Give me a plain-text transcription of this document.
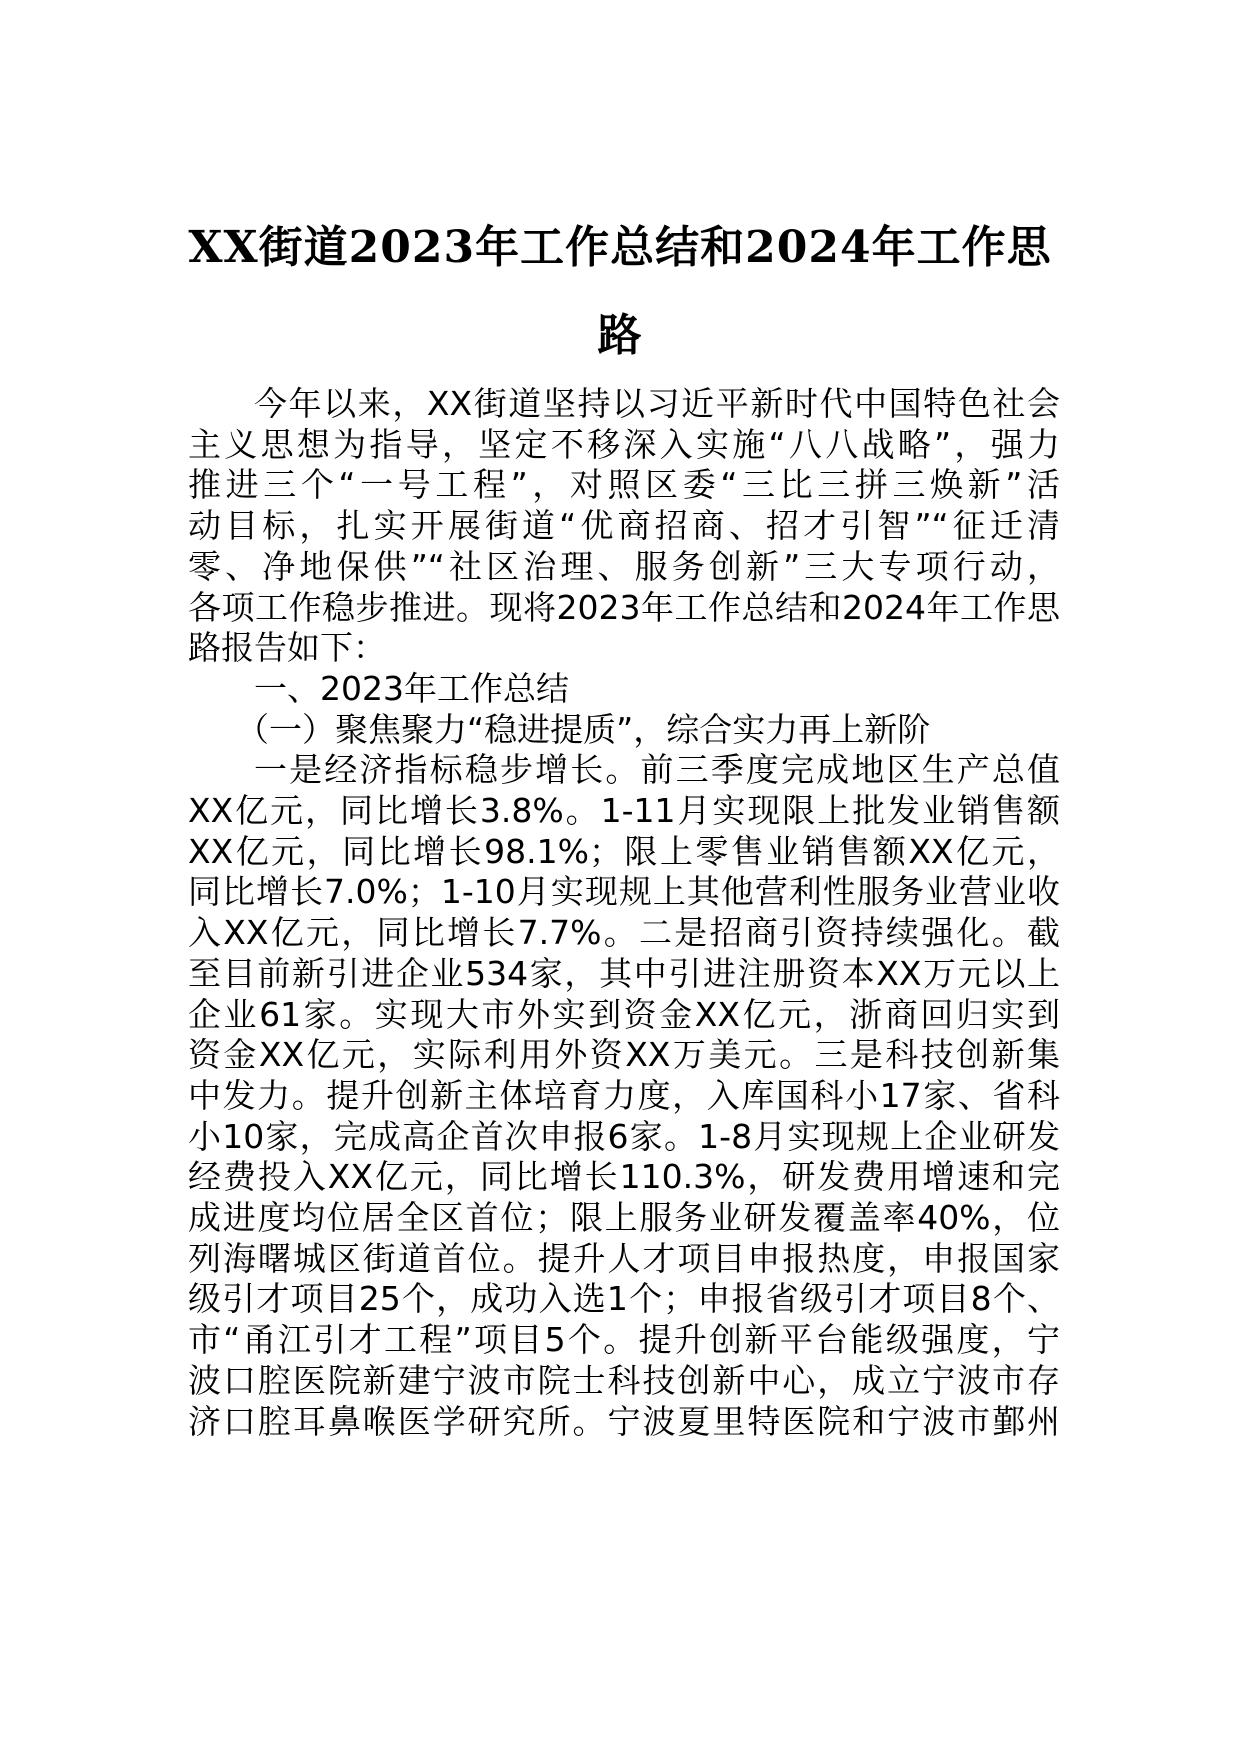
XX街道2023年工作总结和2024年工作思
路

今年以来，XX街道坚持以习近平新时代中国特色社会

主义思想为指导，坚定不移深入实施“八八战略”，强力

推进三个“一号工程”，对照区委“三比三拼三焕新”活

动目标，扎实开展街道“优商招商、招才引智”“征迁清

零、净地保供”“社区治理、服务创新”三大专项行动，

各项工作稳步推进。现将2023年工作总结和2024年工作思

路报告如下：

一、2023年工作总结

（一）聚焦聚力“稳进提质”，综合实力再上新阶

一是经济指标稳步增长。前三季度完成地区生产总值

XX亿元，同比增长3.8%。1-11月实现限上批发业销售额

XX亿元，同比增长98.1%；限上零售业销售额XX亿元，

同比增长7.0%；1-10月实现规上其他营利性服务业营业收

入XX亿元，同比增长7.7%。二是招商引资持续强化。截

至目前新引进企业534家，其中引进注册资本XX万元以上

企业61家。实现大市外实到资金XX亿元，浙商回归实到

资金XX亿元，实际利用外资XX万美元。三是科技创新集

中发力。提升创新主体培育力度，入库国科小17家、省科

小10家，完成高企首次申报6家。1-8月实现规上企业研发

经费投入XX亿元，同比增长110.3%，研发费用增速和完

成进度均位居全区首位；限上服务业研发覆盖率40%，位

列海曙城区街道首位。提升人才项目申报热度，申报国家

级引才项目25个，成功入选1个；申报省级引才项目8个、

市“甬江引才工程”项目5个。提升创新平台能级强度，宁

波口腔医院新建宁波市院士科技创新中心，成立宁波市存

济口腔耳鼻喉医学研究所。宁波夏里特医院和宁波市鄞州
